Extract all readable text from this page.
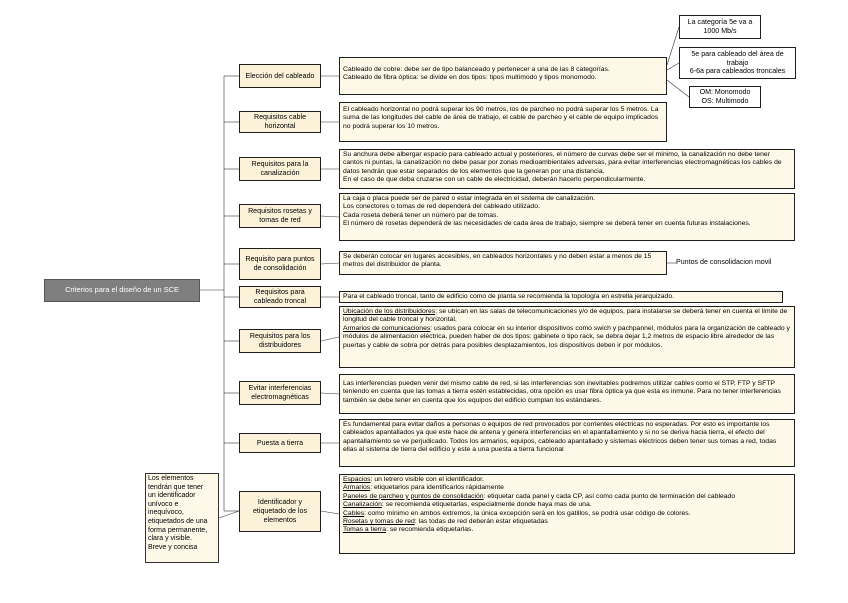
Criterios para el diseño de un SCE
Los elementos
tendrán que tener
un identificador
unívoco e
inequívoco,
etiquetados de una
forma permanente,
clara y visible.
Breve y concisa
La categoría 5e va a
1000 Mb/s
5e para cableado del área de
trabajo
6-6a para cableados troncales
OM: Monomodo
OS: Multimodo
Puntos de consolidacion movil
Elección del cableado
Cableado de cobre: debe ser de tipo balanceado y pertenecer a una de las 8 categorías.
Cableado de fibra óptica: se divide en dos tipos: tipos multimodo y tipos monomodo.
Requisitos cable horizontal
El cableado horizontal no podrá superar los 90 metros, los de parcheo no podrá superar los 5 metros. La suma de las longitudes del cable de área de trabajo, el cable de parcheo y el cable de equipo implicados no podrá superar los 10 metros.
Requisitos para la canalización
Su anchura debe albergar espacio para cableado actual y posteriores, el número de curvas debe ser el mínimo, la canalización no debe tener cantos ni puntas, la canalización no debe pasar por zonas medioambientales adversas, para evitar interferencias electromagnéticas los cables de datos tendrán que estar separados de los elementos que la generan por una distancia.
En el caso de que deba cruzarse con un cable de electricidad, deberán hacerlo perpendicularmente.
Requisitos rosetas y tomas de red
La caja o placa puede ser de pared o estar integrada en el sistema de canalización.
Los conectores o tomas de red dependerá del cableado utilizado.
Cada roseta deberá tener un número par de tomas.
El número de rosetas dependerá de las necesidades de cada área de trabajo, siempre se deberá tener en cuenta futuras instalaciones.
Requisito para puntos de consolidación
Se deberán colocar en lugares accesibles, en cableados horizontales y no deben estar a menos de 15 metros del distribuidor de planta.
Requisitos para cableado troncal
Para el cableado troncal, tanto de edificio como de planta se recomienda la topología en estrella jerarquizado.
Requisitos para los distribuidores
Ubicación de los distribuidores: se ubican en las salas de telecomunicaciones y/o de equipos, para instalarse se deberá tener en cuenta el límite de longitud del cable troncal y horizontal.
Armarios de comunicaciones: usados para colocar en su interior dispositivos como swich y pachpannel, módulos para la organización de cableado y módulos de alimentación eléctrica, pueden haber de dos tipos: gabinete o tipo rack, se debra dejar 1,2 metros de espacio libre alrededor de las puertas y cable de sobra por detrás para posibles desplazamientos, los dispositivos deben ir por módulos.
Evitar interferencias electromagnéticas
Las interferencias pueden venir del mismo cable de red, si las interferencias son inevitables podremos utilizar cables como el STP, FTP y SFTP teniendo en cuenta que las tomas a tierra estén establecidas, otra opción es usar fibra óptica ya que esta es inmune. Para no tener interferencias también se debe tener en cuenta que los equipos del edificio cumplan los estándares.
Puesta a tierra
Es fundamental para evitar daños a personas o equipos de red provocados por corrientes eléctricas no esperadas. Por esto es importante los cableados apantallados ya que este hace de antena y genera interferencias en el apantallamiento y si no se deriva hacia tierra, el efecto del apantallamiento se ve perjudicado. Todos los armarios, equipos, cableado apantallado y sistemas eléctricos deben tener sus tomas a red, todas ellas al sistema de tierra del edificio y este a una puesta a tierra funcional
Identificador y etiquetado de los elementos
Espacios: un letrero visible con el identificador.
Armarios: etiquetarlos para identificarlos rápidamente
Paneles de parcheo y puntos de consolidación: etiquetar cada panel y cada CP, así como cada punto de terminación del cableado
Canalización: se recomienda etiquetarlas, especialmente donde haya mas de una.
Cables: como mínimo en ambos extremos, la única excepción será en los gatillos, se podrá usar código de colores.
Rosetas y tomas de red: las todas de red deberán estar etiquetadas
Tomas a tierra: se recomienda etiquetarlas.
